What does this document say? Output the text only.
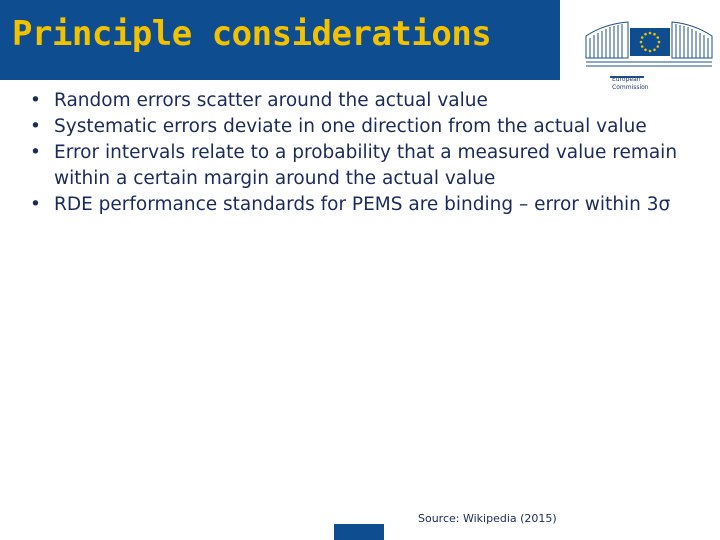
Principle considerations
European
Commission
• Random errors scatter around the actual value
• Systematic errors deviate in one direction from the actual value
• Error intervals relate to a probability that a measured value remain within a certain margin around the actual value
• RDE performance standards for PEMS are binding – error within 3σ
Source: Wikipedia (2015)
